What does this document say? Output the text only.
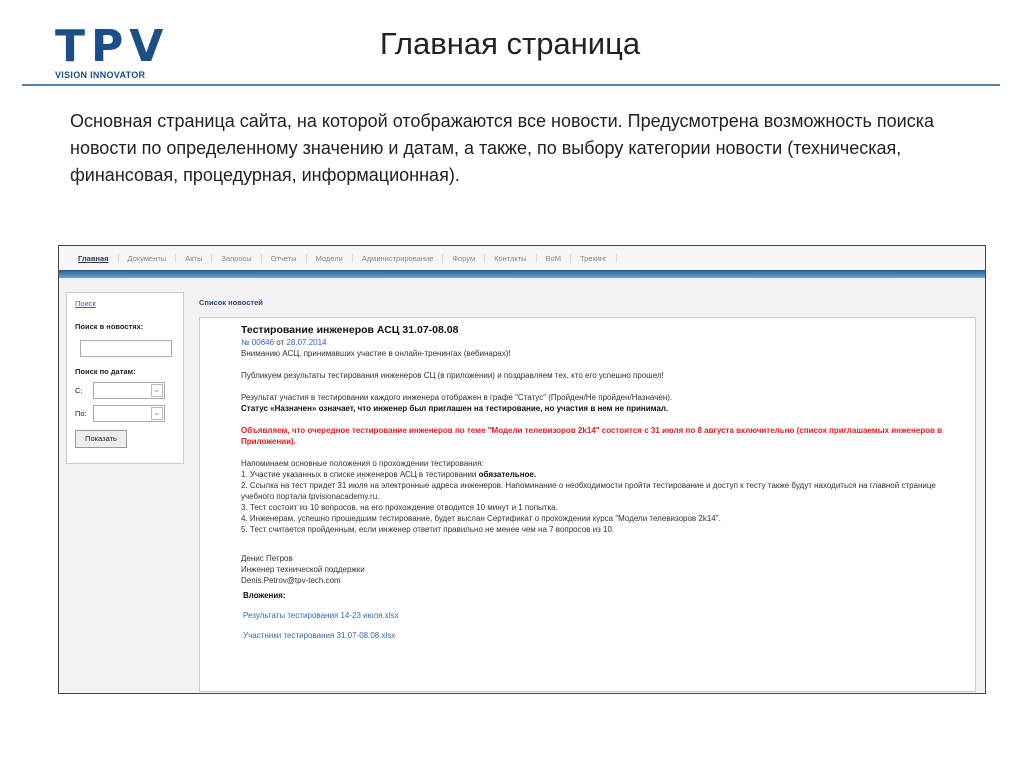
TPV
VISION INNOVATOR
Главная страница
Основная страница сайта, на которой отображаются все новости. Предусмотрена возможность поиска новости по определенному значению и датам, а также, по выбору категории новости (техническая, финансовая, процедурная, информационная).
Главная	Документы	Акты	Запросы	Отчеты	Модели	Администрирование	Форум	Контакты	BoM	Трекинг
Поиск
Поиск в новостях:
Поиск по датам:
С:	⌄
По:	⌄
Показать
Список новостей
Тестирование инженеров АСЦ 31.07-08.08
№ 00646 от 28.07.2014

Вниманию АСЦ, принимавших участие в онлайн-тренингах (вебинарах)!

Публикуем результаты тестирования инженеров СЦ (в приложении) и поздравляем тех, кто его успешно прошел!

Результат участия в тестировании каждого инженера отображен в графе "Статус" (Пройден/Не пройден/Назначен).

Статус «Назначен» означает, что инженер был приглашен на тестирование, но участия в нем не принимал.

Объявляем, что очередное тестирование инженеров по теме "Модели телевизоров 2k14" состоится с 31 июля по 8 августа включительно (список приглашаемых инженеров в Приложении).

Напоминаем основные положения о прохождении тестирования:
1. Участие указанных в списке инженеров АСЦ в тестировании обязательное.
2. Ссылка на тест придет 31 июля на электронные адреса инженеров. Напоминание о необходимости пройти тестирование и доступ к тесту также будут находиться на главной странице учебного портала tpvisionacademy.ru.
3. Тест состоит из 10 вопросов, на его прохождение отводится 10 минут и 1 попытка.
4. Инженерам, успешно прошедшим тестирование, будет выслан Сертификат о прохождении курса "Модели телевизоров 2k14".

5. Тест считается пройденным, если инженер ответит правильно не менее чем на 7 вопросов из 10.

Денис Петров
Инженер технической поддержки
Denis.Petrov@tpv-tech.com
Вложения:
Результаты тестирования 14-23 июля.xlsx
Участники тестирования 31.07-08.08.xlsx
